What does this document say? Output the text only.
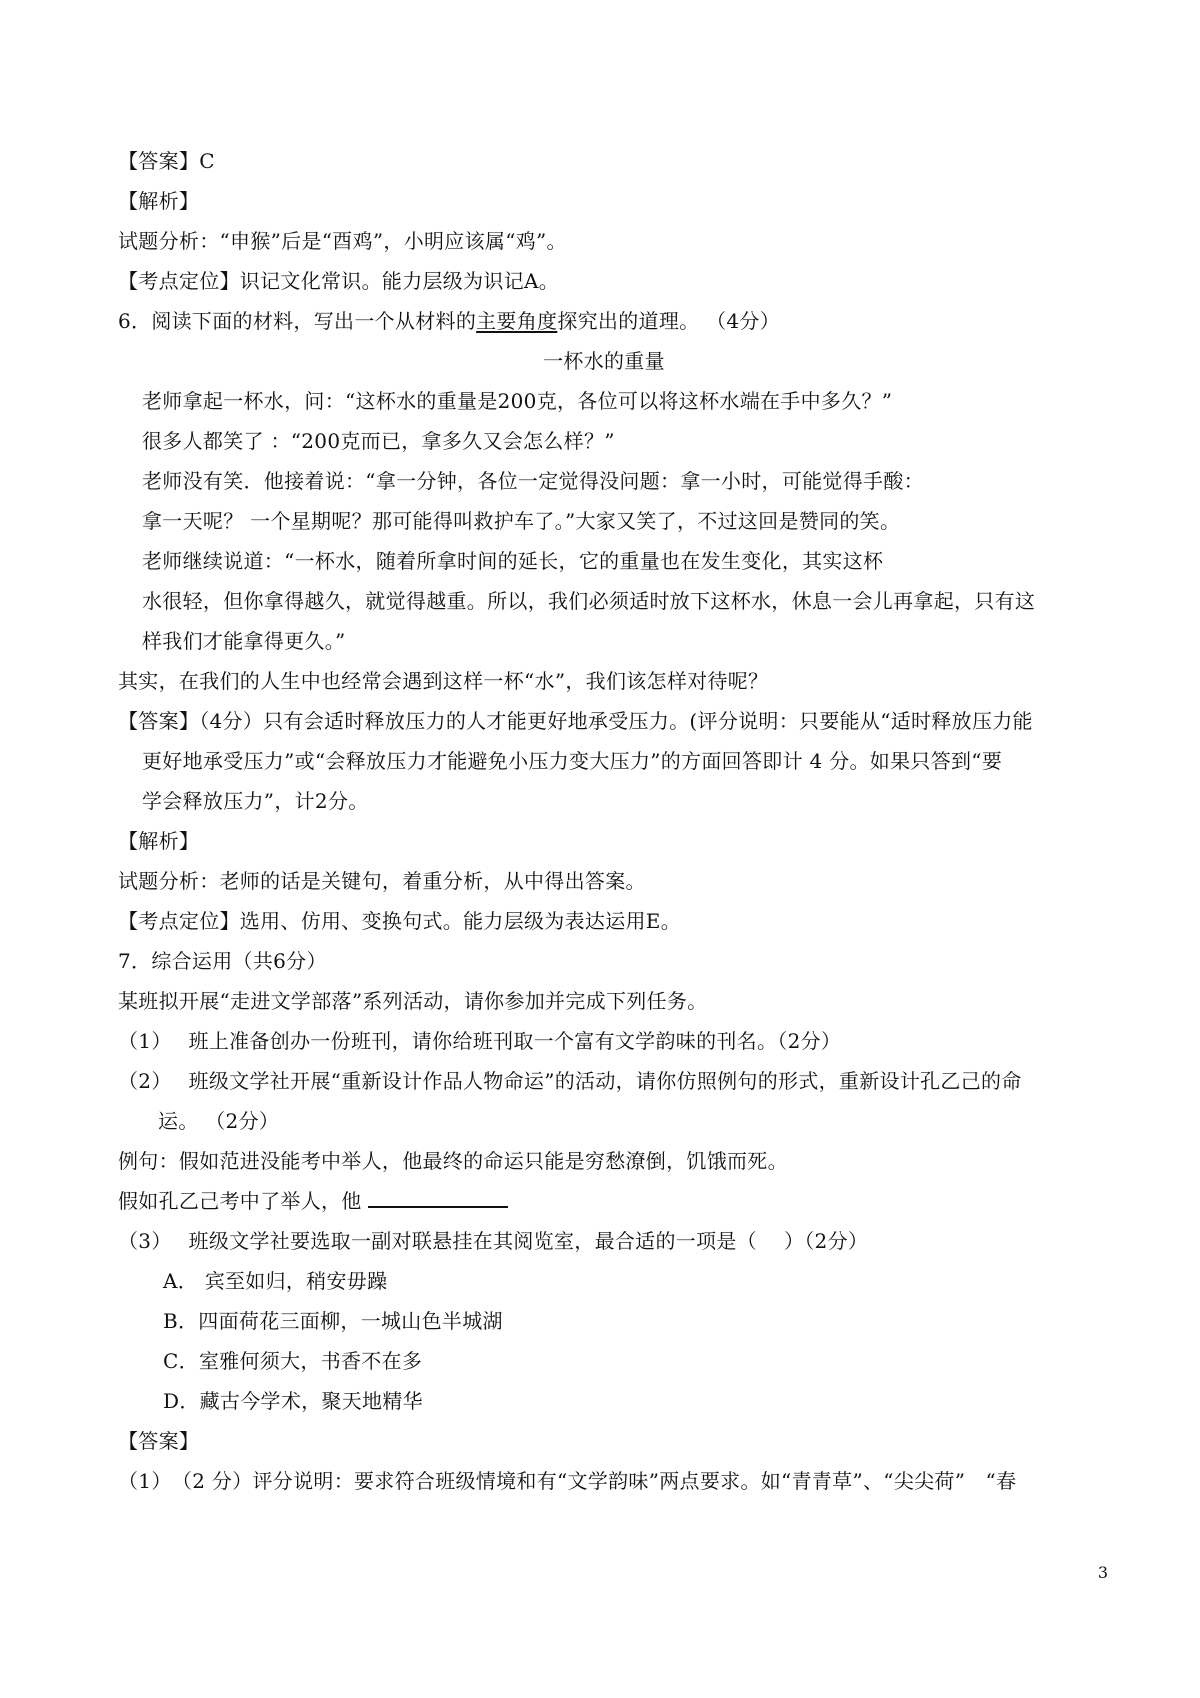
【答案】C
【解析】
试题分析：“申猴”后是“酉鸡”，小明应该属“鸡”。
【考点定位】识记文化常识。能力层级为识记A。
6．阅读下面的材料，写出一个从材料的主要角度探究出的道理。 （4分）
一杯水的重量
老师拿起一杯水，问：“这杯水的重量是200克，各位可以将这杯水端在手中多久？”
很多人都笑了 ：“200克而已，拿多久又会怎么样？”
老师没有笑．他接着说：“拿一分钟，各位一定觉得没问题：拿一小时，可能觉得手酸：
拿一天呢？ 一个星期呢？那可能得叫救护车了。”大家又笑了，不过这回是赞同的笑。
老师继续说道：“一杯水，随着所拿时间的延长，它的重量也在发生变化，其实这杯
水很轻，但你拿得越久，就觉得越重。所以，我们必须适时放下这杯水，休息一会儿再拿起，只有这
样我们才能拿得更久。”
其实，在我们的人生中也经常会遇到这样一杯“水”，我们该怎样对待呢？
【答案】（4分）只有会适时释放压力的人才能更好地承受压力。(评分说明：只要能从“适时释放压力能
更好地承受压力”或“会释放压力才能避免小压力变大压力”的方面回答即计 4 分。如果只答到“要
学会释放压力”，计2分。
【解析】
试题分析：老师的话是关键句，着重分析，从中得出答案。
【考点定位】选用、仿用、变换句式。能力层级为表达运用E。
7．综合运用（共6分）
某班拟开展“走进文学部落”系列活动，请你参加并完成下列任务。
（1）　 班上准备创办一份班刊，请你给班刊取一个富有文学韵味的刊名。（2分）
（2）　 班级文学社开展“重新设计作品人物命运”的活动，请你仿照例句的形式，重新设计孔乙己的命
运。 （2分）
例句：假如范进没能考中举人，他最终的命运只能是穷愁潦倒，饥饿而死。
假如孔乙己考中了举人，他
（3）　 班级文学社要选取一副对联悬挂在其阅览室，最合适的一项是（　 ）（2分）
A． 宾至如归，稍安毋躁
B．四面荷花三面柳，一城山色半城湖
C．室雅何须大，书香不在多
D．藏古今学术，聚天地精华
【答案】
（1）　（2 分）评分说明：要求符合班级情境和有“文学韵味”两点要求。如“青青草”、“尖尖荷”　“春
3
